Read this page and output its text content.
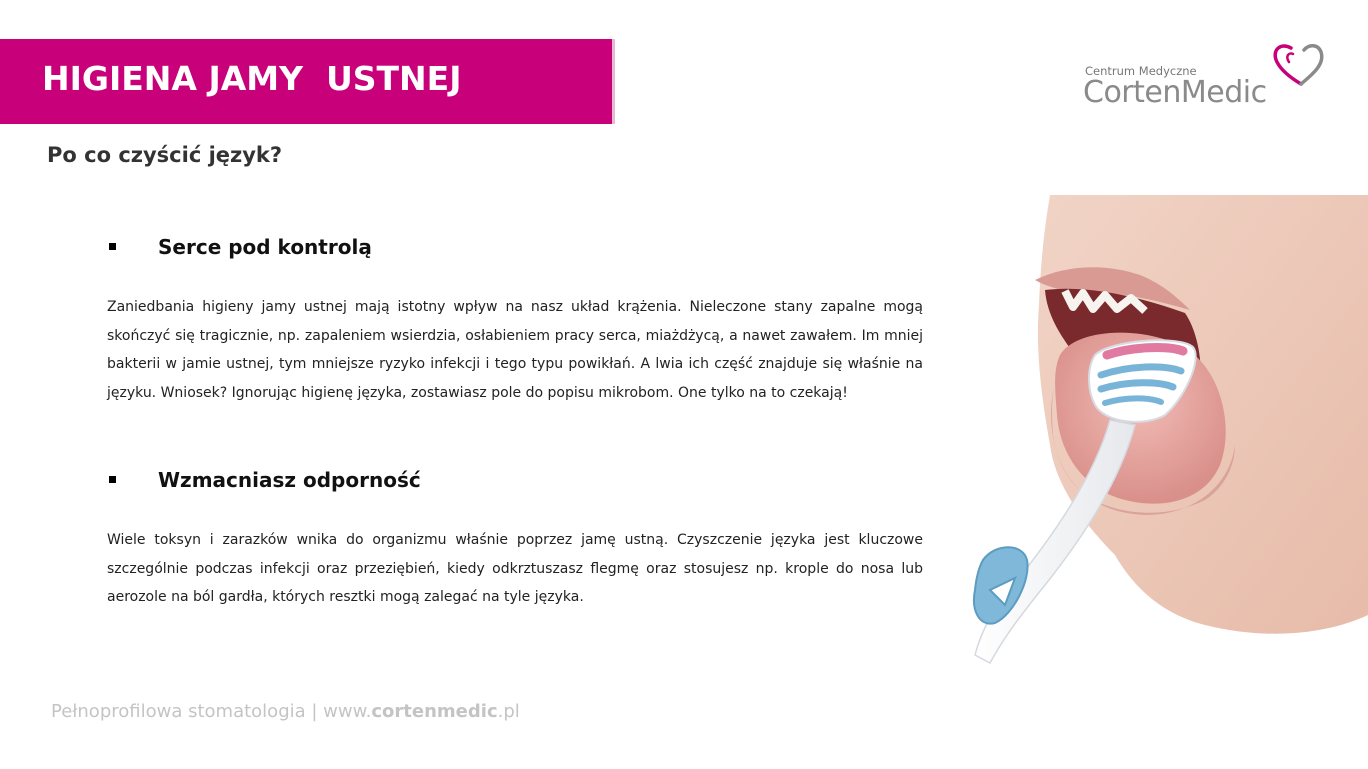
HIGIENA JAMY  USTNEJ	Centrum Medyczne
CortenMedic
Po co czyścić język?
Serce pod kontrolą
Zaniedbania higieny jamy ustnej mają istotny wpływ na nasz układ krążenia. Nieleczone stany zapalne mogą skończyć się tragicznie, np. zapaleniem wsierdzia, osłabieniem pracy serca, miażdżycą, a nawet zawałem. Im mniej bakterii w jamie ustnej, tym mniejsze ryzyko infekcji i tego typu powikłań. A lwia ich część znajduje się właśnie na języku. Wniosek? Ignorując higienę języka, zostawiasz pole do popisu mikrobom. One tylko na to czekają!
Wzmacniasz odporność
Wiele toksyn i zarazków wnika do organizmu właśnie poprzez jamę ustną. Czyszczenie języka jest kluczowe szczególnie podczas infekcji oraz przeziębień, kiedy odkrztuszasz flegmę oraz stosujesz np. krople do nosa lub aerozole na ból gardła, których resztki mogą zalegać na tyle języka.
Pełnoprofilowa stomatologia | www.cortenmedic.pl
